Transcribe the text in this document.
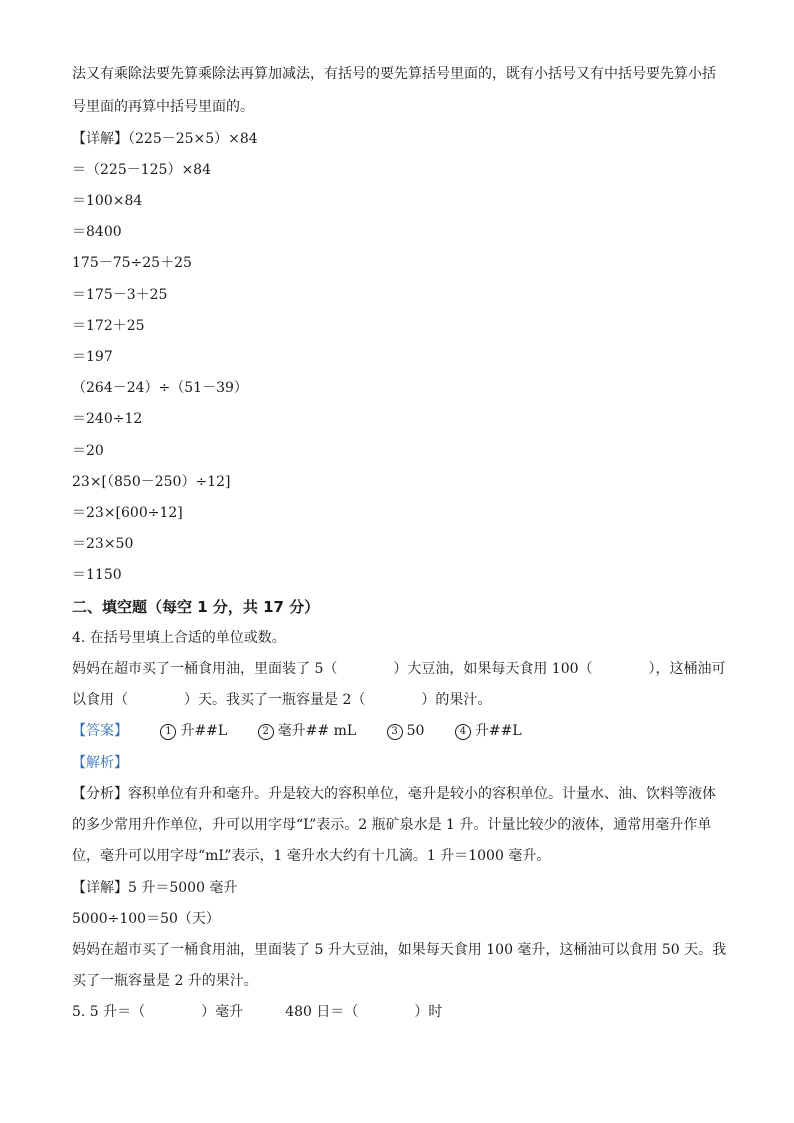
法又有乘除法要先算乘除法再算加减法，有括号的要先算括号里面的，既有小括号又有中括号要先算小括
号里面的再算中括号里面的。
【详解】（225－25×5）×84
＝（225－125）×84
＝100×84
＝8400
175－75÷25＋25
＝175－3＋25
＝172＋25
＝197
（264－24）÷（51－39）
＝240÷12
＝20
23×[（850－250）÷12]
＝23×[600÷12]
＝23×50
＝1150
二、填空题（每空 1 分，共 17 分）
4. 在括号里填上合适的单位或数。
妈妈在超市买了一桶食用油，里面装了 5（　　　　）大豆油，如果每天食用 100（　　　　），这桶油可
以食用（　　　　）天。我买了一瓶容量是 2（　　　　）的果汁。
【答案】	1 升##L	2 毫升## mL	3 50	4 升##L
【解析】
【分析】容积单位有升和毫升。升是较大的容积单位，毫升是较小的容积单位。计量水、油、饮料等液体
的多少常用升作单位，升可以用字母“L”表示。2 瓶矿泉水是 1 升。计量比较少的液体，通常用毫升作单
位，毫升可以用字母“mL”表示，1 毫升水大约有十几滴。1 升＝1000 毫升。
【详解】5 升＝5000 毫升
5000÷100＝50（天）
妈妈在超市买了一桶食用油，里面装了 5 升大豆油，如果每天食用 100 毫升，这桶油可以食用 50 天。我
买了一瓶容量是 2 升的果汁。
5. 5 升＝（　　　　）毫升　　　480 日＝（　　　　）时
